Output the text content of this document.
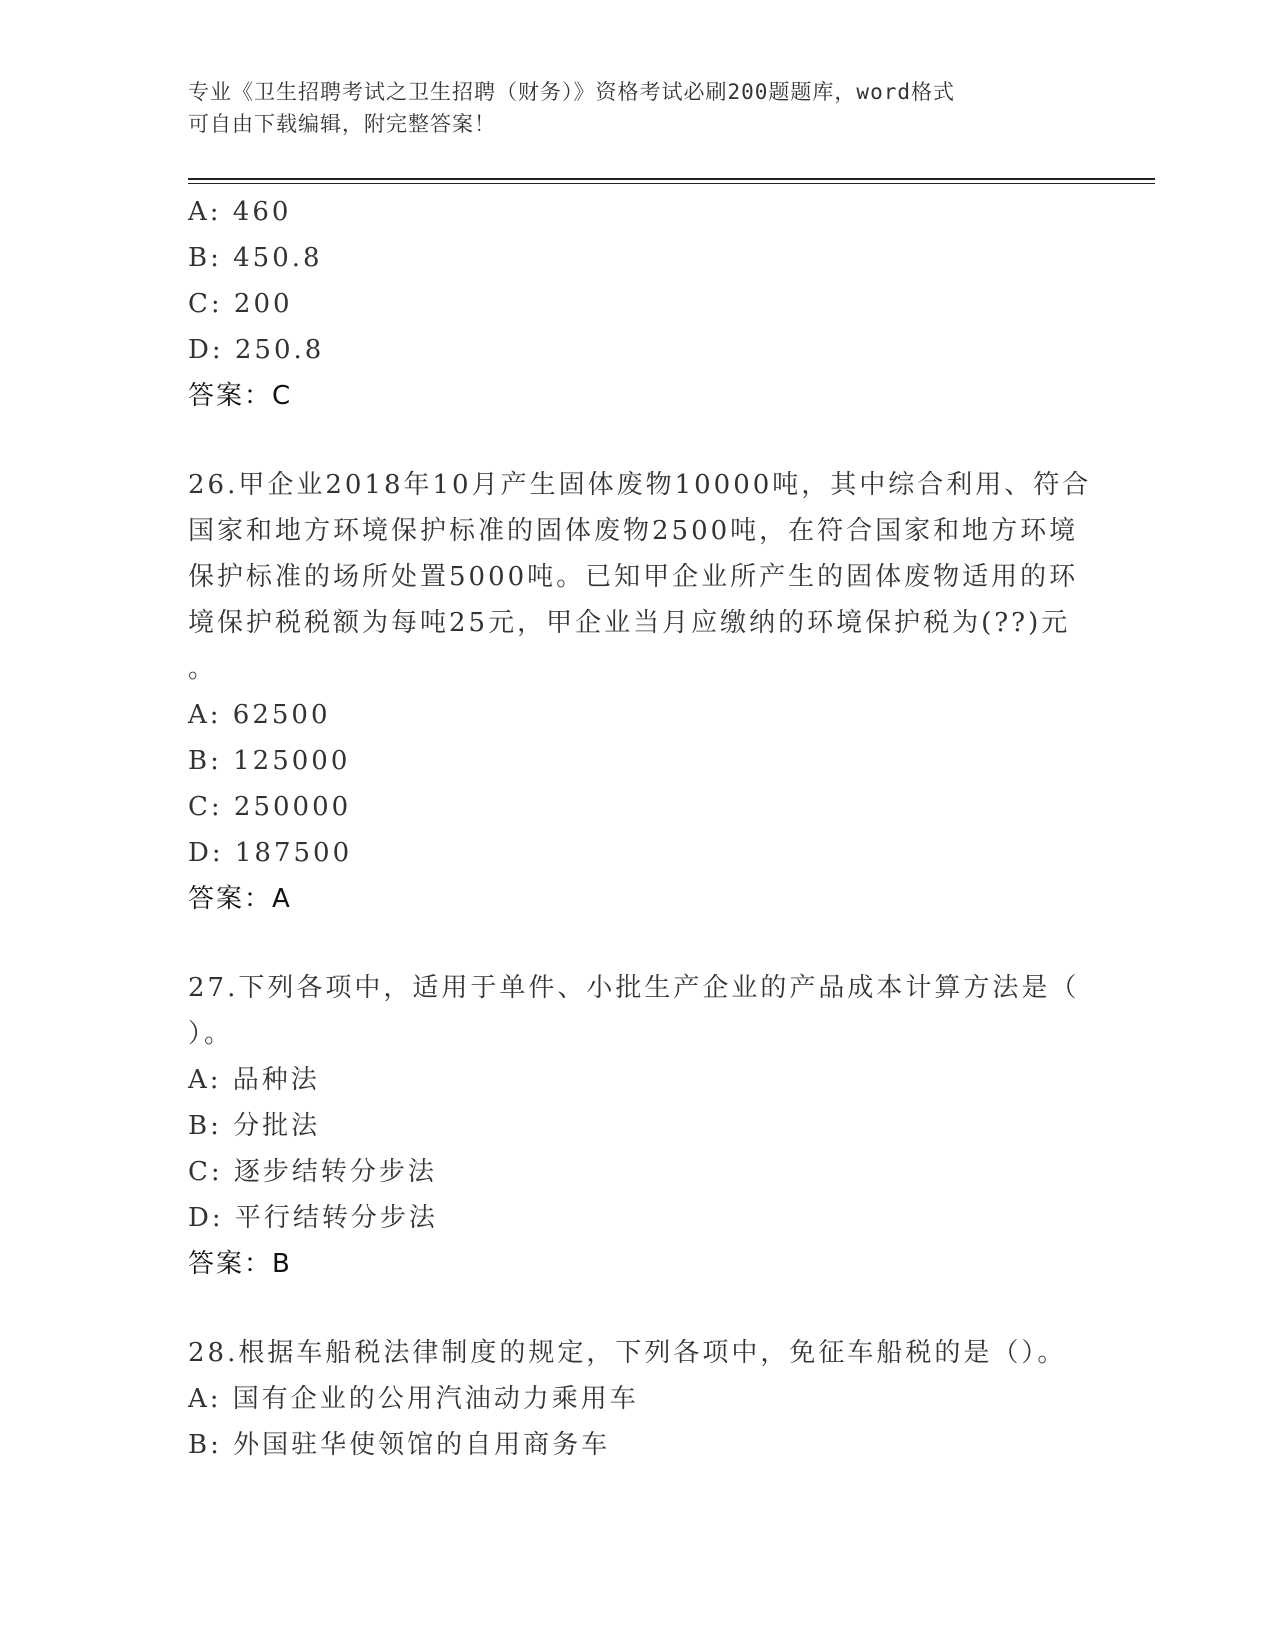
专业《卫生招聘考试之卫生招聘（财务）》资格考试必刷200题题库，word格式
可自由下载编辑，附完整答案！
A: 460
B: 450.8
C: 200
D: 250.8
答案：C
26.甲企业2018年10月产生固体废物10000吨，其中综合利用、符合
国家和地方环境保护标准的固体废物2500吨，在符合国家和地方环境
保护标准的场所处置5000吨。已知甲企业所产生的固体废物适用的环
境保护税税额为每吨25元，甲企业当月应缴纳的环境保护税为(??)元
。
A: 62500
B: 125000
C: 250000
D: 187500
答案：A
27.下列各项中，适用于单件、小批生产企业的产品成本计算方法是（
）。
A: 品种法
B: 分批法
C: 逐步结转分步法
D: 平行结转分步法
答案：B
28.根据车船税法律制度的规定，下列各项中，免征车船税的是（）。
A: 国有企业的公用汽油动力乘用车
B: 外国驻华使领馆的自用商务车
